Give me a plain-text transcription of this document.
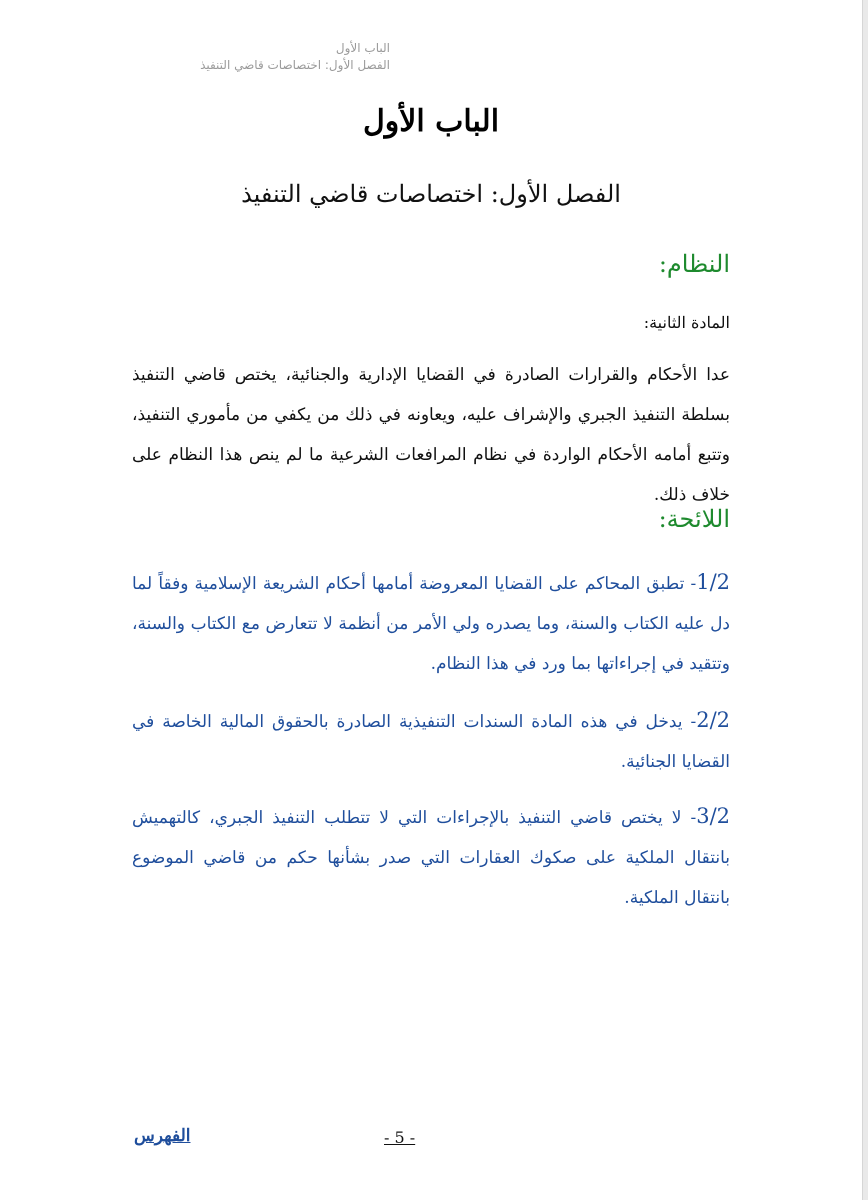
الباب الأول
الفصل الأول: اختصاصات قاضي التنفيذ
الباب الأول
الفصل الأول: اختصاصات قاضي التنفيذ
النظام:
المادة الثانية:

عدا الأحكام والقرارات الصادرة في القضايا الإدارية والجنائية، يختص قاضي التنفيذ بسلطة التنفيذ الجبري والإشراف عليه، ويعاونه في ذلك من يكفي من مأموري التنفيذ، وتتبع أمامه الأحكام الواردة في نظام المرافعات الشرعية ما لم ينص هذا النظام على خلاف ذلك.

اللائحة:

1/2- تطبق المحاكم على القضايا المعروضة أمامها أحكام الشريعة الإسلامية وفقاً لما دل عليه الكتاب والسنة، وما يصدره ولي الأمر من أنظمة لا تتعارض مع الكتاب والسنة، وتتقيد في إجراءاتها بما ورد في هذا النظام.

2/2- يدخل في هذه المادة السندات التنفيذية الصادرة بالحقوق المالية الخاصة في القضايا الجنائية.

3/2- لا يختص قاضي التنفيذ بالإجراءات التي لا تتطلب التنفيذ الجبري، كالتهميش بانتقال الملكية على صكوك العقارات التي صدر بشأنها حكم من قاضي الموضوع بانتقال الملكية.

الفهرس	- 5 -
